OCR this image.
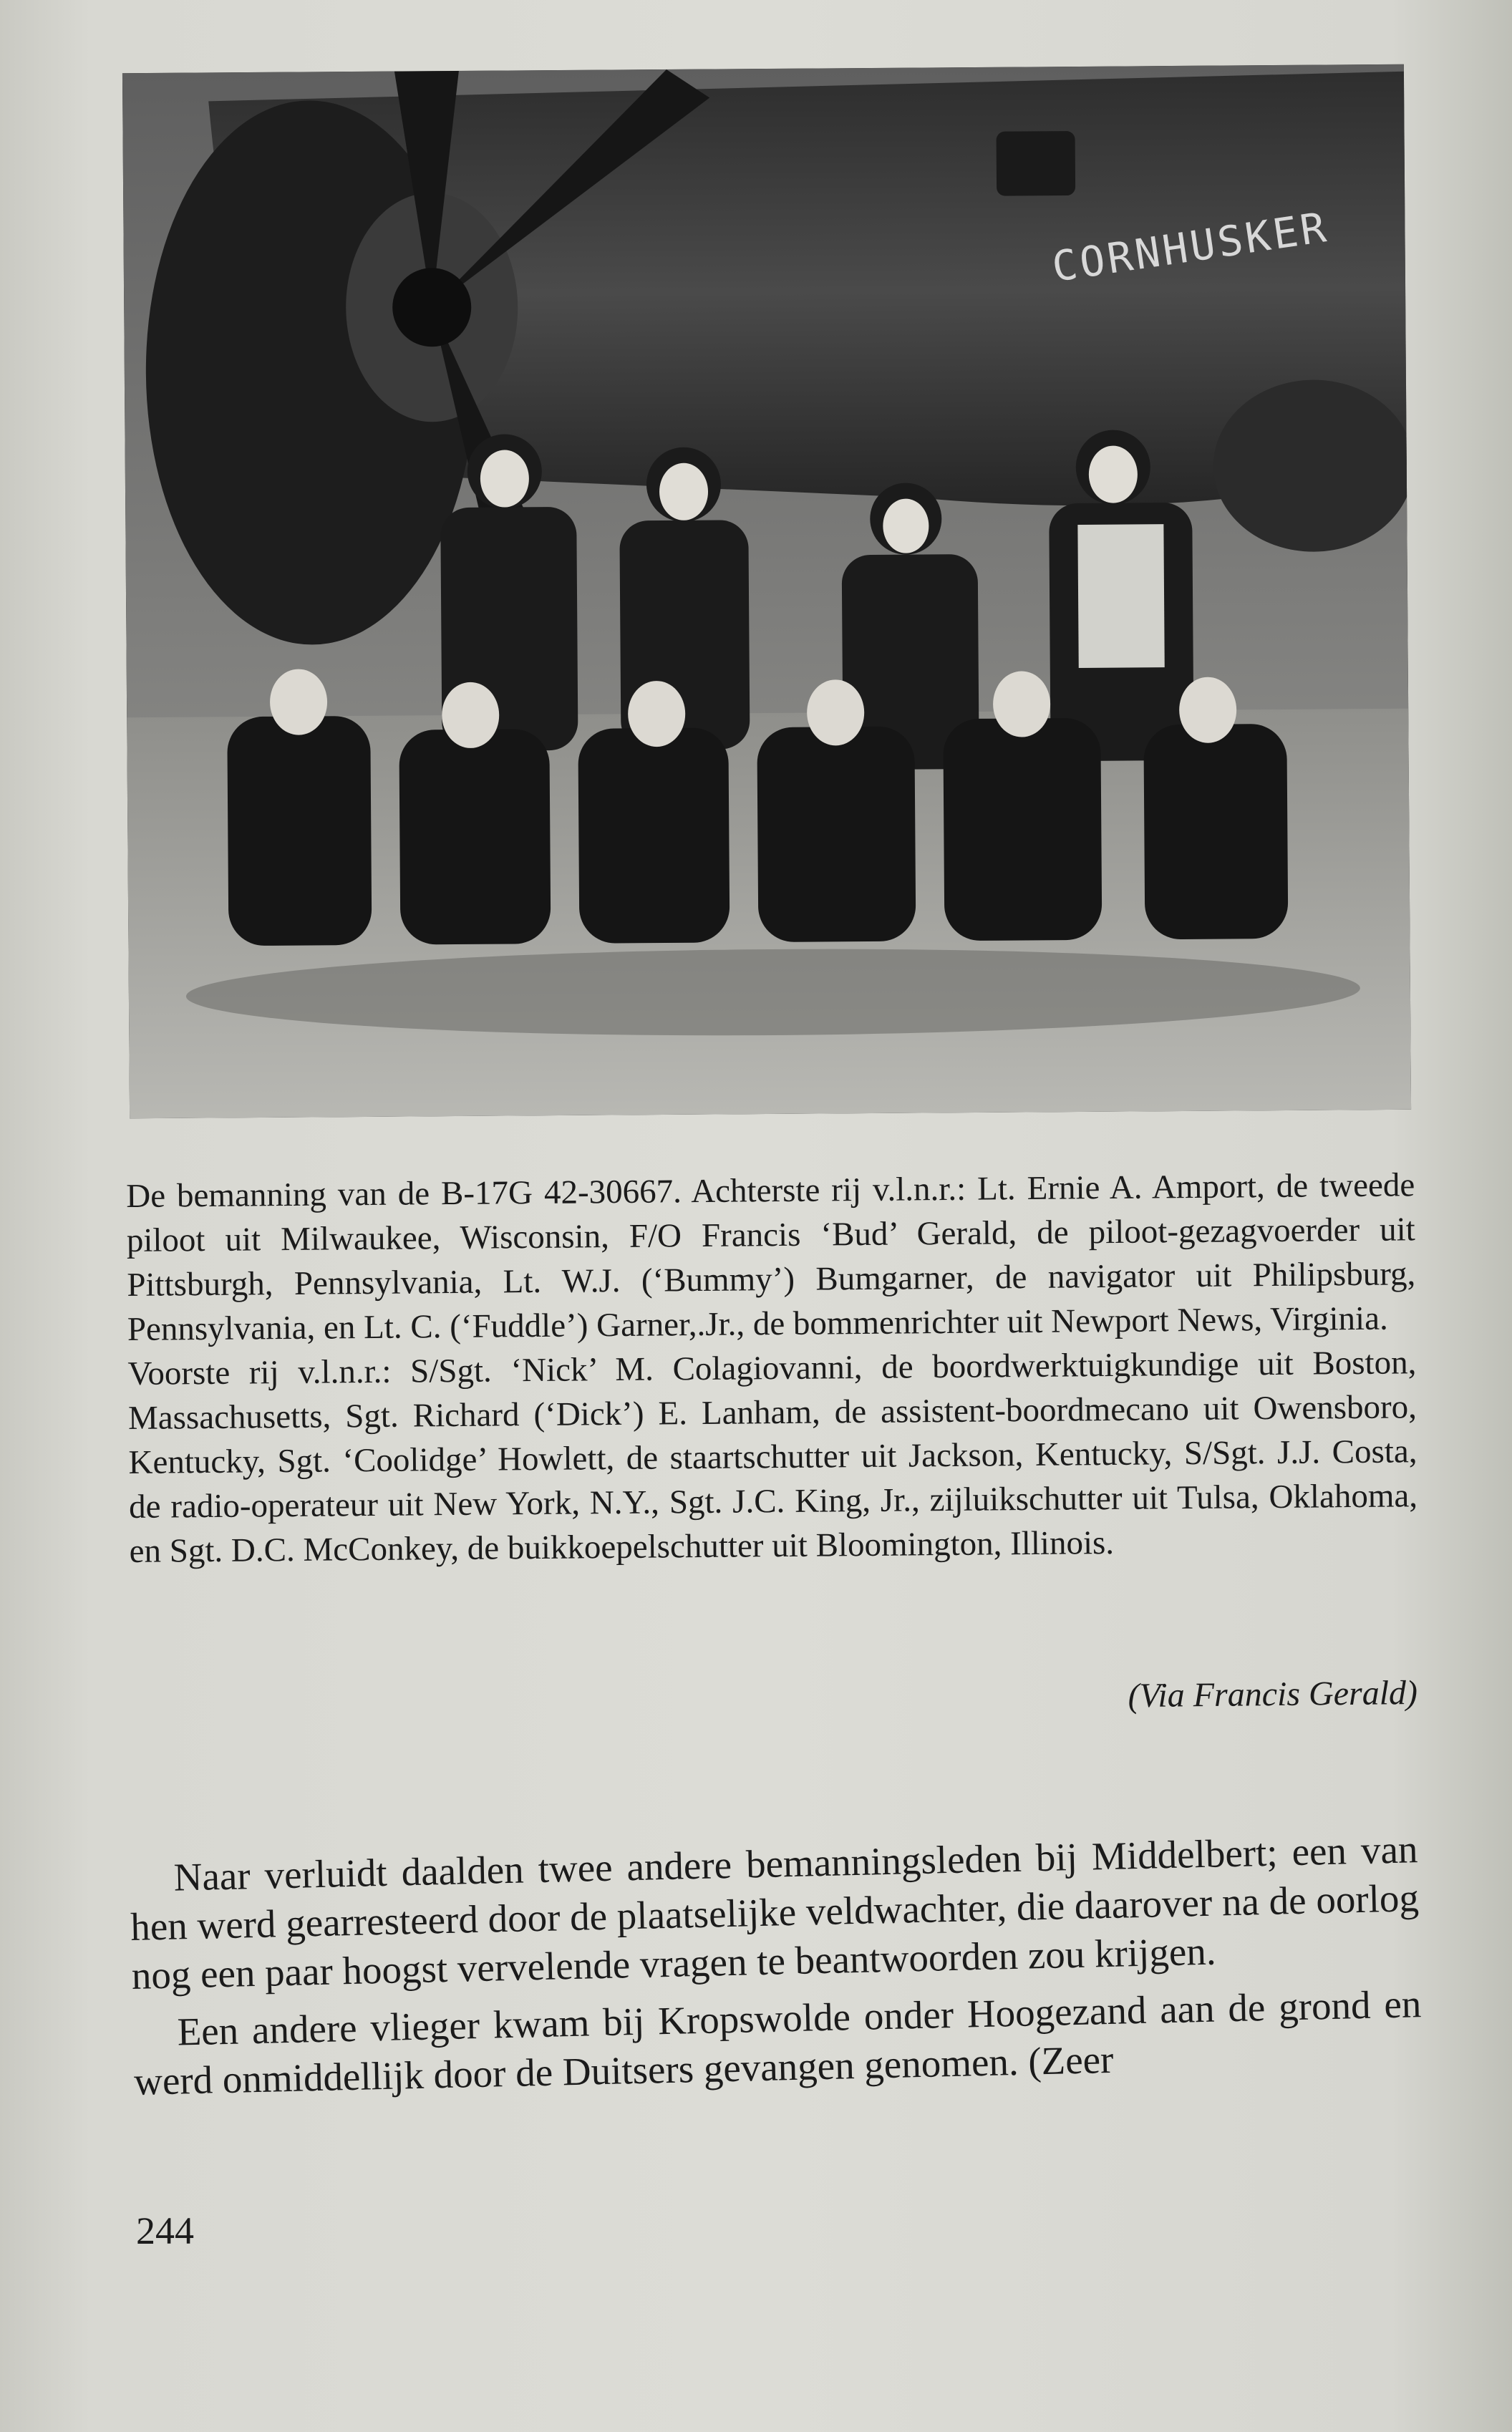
CORNHUSKER

De bemanning van de B-17G 42-30667. Achterste rij v.l.n.r.: Lt. Ernie A. Amport, de tweede piloot uit Milwaukee, Wisconsin, F/O Francis ‘Bud’ Gerald, de piloot-gezagvoerder uit Pittsburgh, Pennsylvania, Lt. W.J. (‘Bummy’) Bumgarner, de navigator uit Philipsburg, Pennsylvania, en Lt. C. (‘Fuddle’) Garner,.Jr., de bommenrichter uit Newport News, Virginia.

Voorste rij v.l.n.r.: S/Sgt. ‘Nick’ M. Colagiovanni, de boordwerktuigkundige uit Boston, Massachusetts, Sgt. Richard (‘Dick’) E. Lanham, de assistent-boordmecano uit Owensboro, Kentucky, Sgt. ‘Coolidge’ Howlett, de staartschutter uit Jackson, Kentucky, S/Sgt. J.J. Costa, de radio-operateur uit New York, N.Y., Sgt. J.C. King, Jr., zijluikschutter uit Tulsa, Oklahoma, en Sgt. D.C. McConkey, de buikkoepelschutter uit Bloomington, Illinois.

(Via Francis Gerald)

Naar verluidt daalden twee andere bemanningsleden bij Middelbert; een van hen werd gearresteerd door de plaatselijke veldwachter, die daarover na de oorlog nog een paar hoogst vervelende vragen te beantwoorden zou krijgen.

Een andere vlieger kwam bij Kropswolde onder Hoogezand aan de grond en werd onmiddellijk door de Duitsers gevangen genomen. (Zeer

244
